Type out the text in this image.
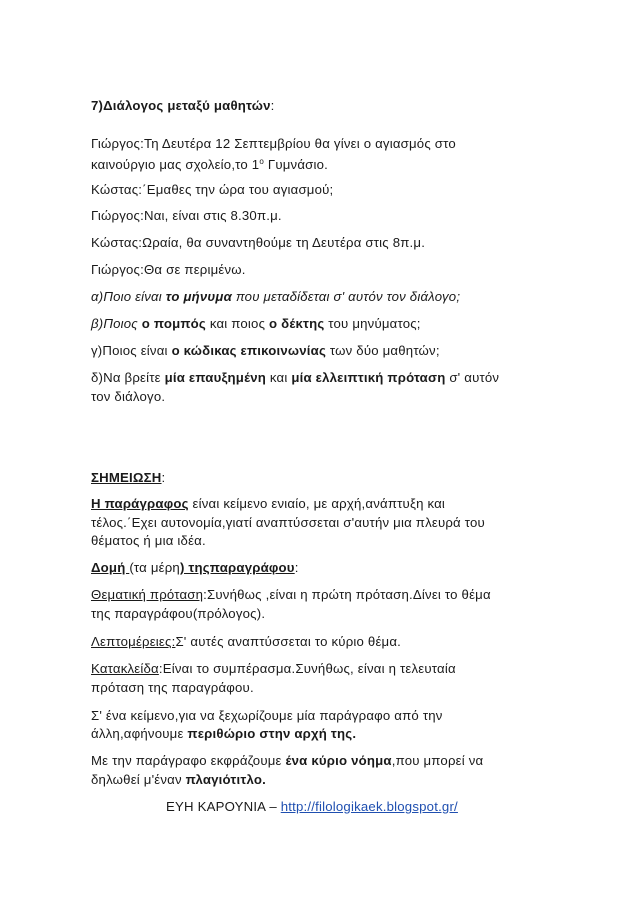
7)Διάλογος μεταξύ μαθητών:
Γιώργος:Τη Δευτέρα 12 Σεπτεμβρίου θα γίνει ο αγιασμός στο
καινούργιο μας σχολείο,το $1^o$ Γυμνάσιο.
Κώστας:΄Εμαθες την ώρα του αγιασμού;
Γιώργος:Ναι, είναι στις 8.30π.μ.
Κώστας:Ωραία, θα συναντηθούμε τη Δευτέρα στις 8π.μ.
Γιώργος:Θα σε περιμένω.
α)Ποιο είναι το μήνυμα που μεταδίδεται σ' αυτόν τον διάλογο;
β)Ποιος ο πομπός και ποιος ο δέκτης του μηνύματος;
γ)Ποιος είναι ο κώδικας επικοινωνίας των δύο μαθητών;
δ)Να βρείτε μία επαυξημένη και μία ελλειπτική πρόταση σ' αυτόν
τον διάλογο.
ΣΗΜΕΙΩΣΗ:
Η παράγραφος είναι κείμενο ενιαίο, με αρχή,ανάπτυξη και
τέλος.΄Εχει αυτονομία,γιατί αναπτύσσεται σ'αυτήν μια πλευρά του
θέματος ή μια ιδέα.
Δομή (τα μέρη) τηςπαραγράφου:
Θεματική πρόταση:Συνήθως ,είναι η πρώτη πρόταση.Δίνει το θέμα
της παραγράφου(πρόλογος).
Λεπτομέρειες:Σ' αυτές αναπτύσσεται το κύριο θέμα.
Κατακλείδα:Είναι το συμπέρασμα.Συνήθως, είναι η τελευταία
πρόταση της παραγράφου.
Σ' ένα κείμενο,για να ξεχωρίζουμε μία παράγραφο από την
άλλη,αφήνουμε περιθώριο στην αρχή της.
Με την παράγραφο εκφράζουμε ένα κύριο νόημα,που μπορεί να
δηλωθεί μ'έναν πλαγιότιτλο.
ΕΥΗ ΚΑΡΟΥΝΙΑ – http://filologikaek.blogspot.gr/
